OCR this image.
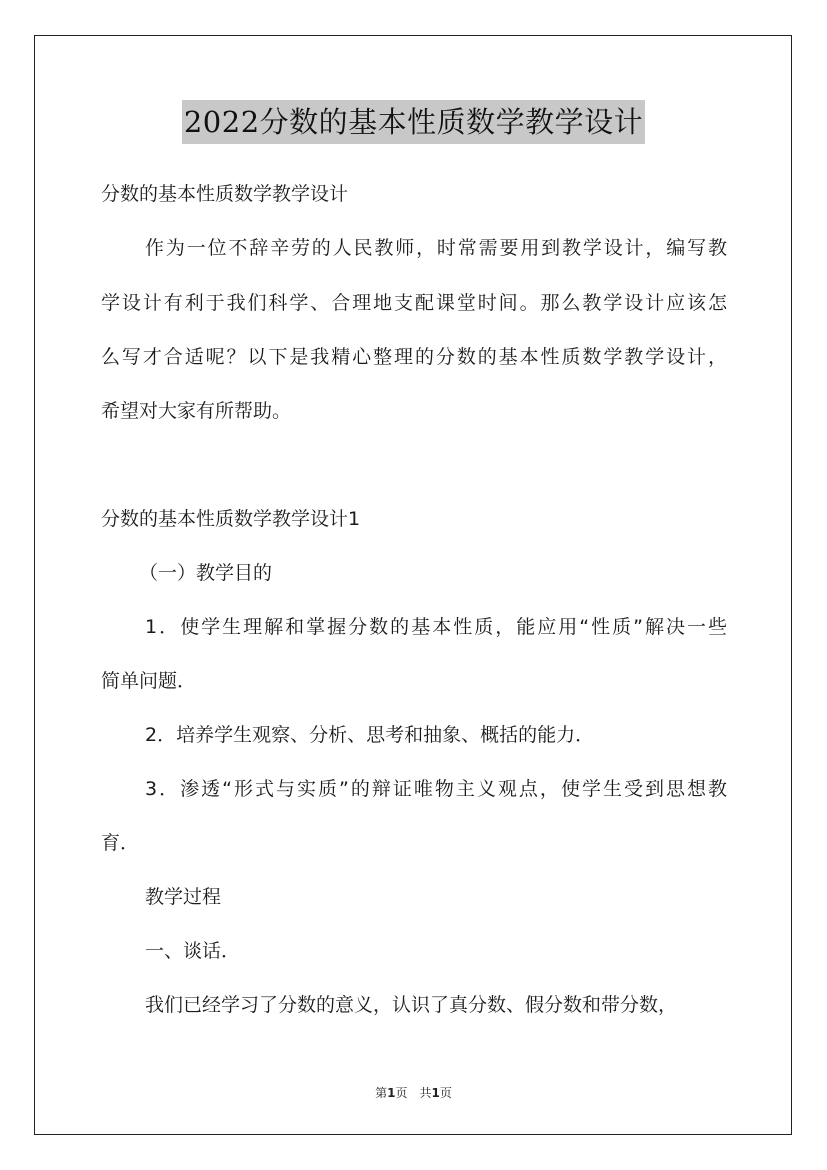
2022分数的基本性质数学教学设计
分数的基本性质数学教学设计
作为一位不辞辛劳的人民教师，时常需要用到教学设计，编写教
学设计有利于我们科学、合理地支配课堂时间。那么教学设计应该怎
么写才合适呢？以下是我精心整理的分数的基本性质数学教学设计，
希望对大家有所帮助。
分数的基本性质数学教学设计1
（一）教学目的
1．使学生理解和掌握分数的基本性质，能应用“性质”解决一些
简单问题．
2．培养学生观察、分析、思考和抽象、概括的能力．
3．渗透“形式与实质”的辩证唯物主义观点，使学生受到思想教
育．
教学过程
一、谈话．
我们已经学习了分数的意义，认识了真分数、假分数和带分数，
第1页　共1页
